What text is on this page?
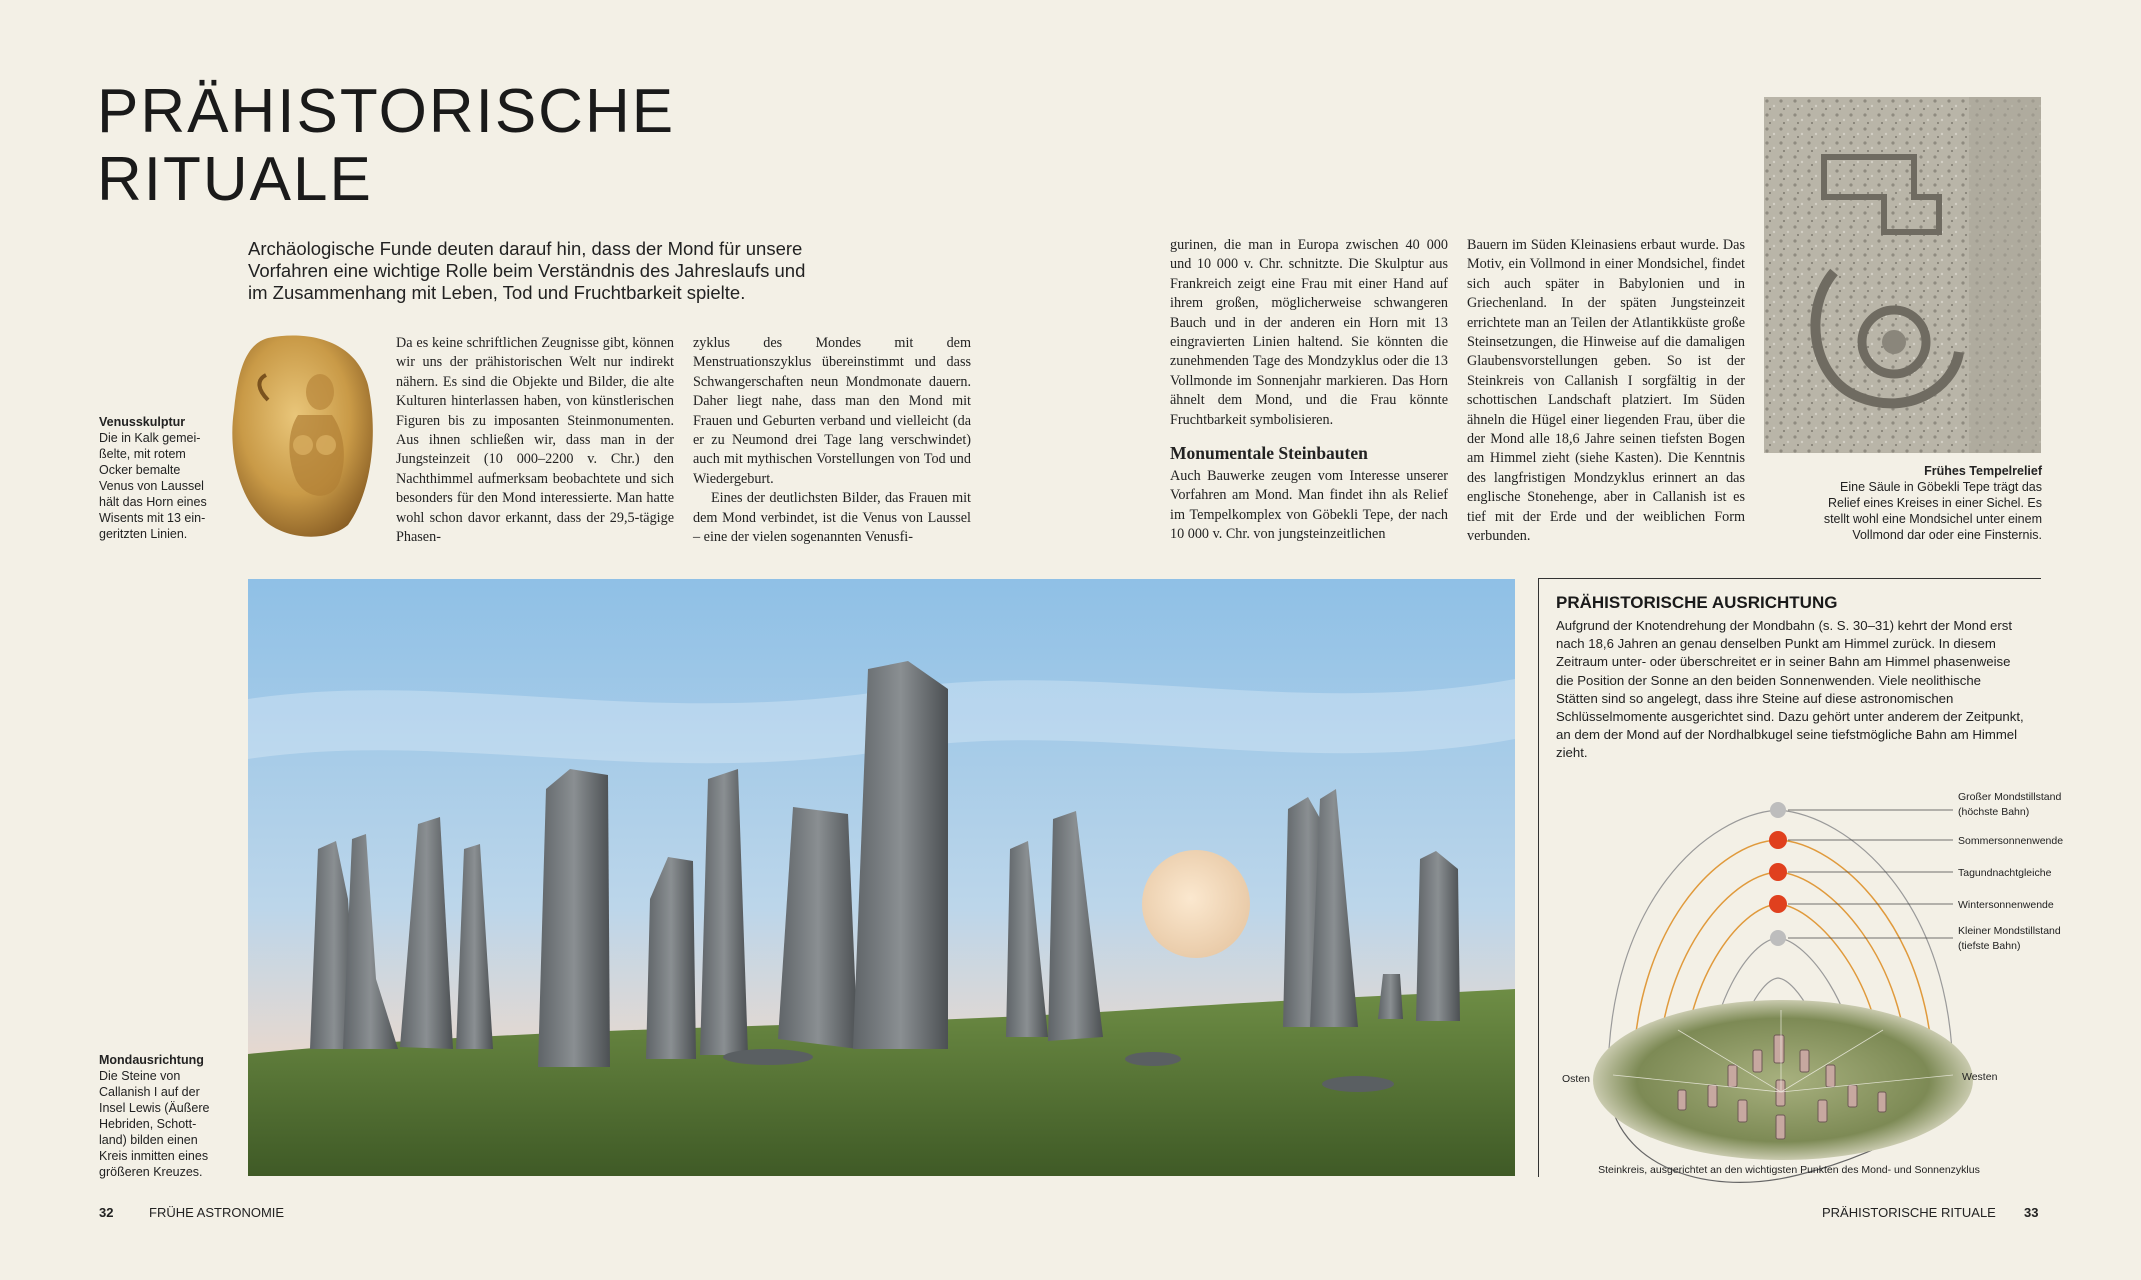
PRÄHISTORISCHE
RITUALE
Archäologische Funde deuten darauf hin, dass der Mond für unsere Vorfahren eine wichtige Rolle beim Verständnis des Jahreslaufs und im Zusammenhang mit Leben, Tod und Fruchtbarkeit spielte.
Venusskulptur
Die in Kalk gemei-
ßelte, mit rotem
Ocker bemalte
Venus von Laussel
hält das Horn eines
Wisents mit 13 ein-
geritzten Linien.

Da es keine schriftlichen Zeugnisse gibt, können wir uns der prähistorischen Welt nur indirekt nähern. Es sind die Objekte und Bilder, die alte Kulturen hinterlassen haben, von künstlerischen Figuren bis zu imposanten Steinmonumenten. Aus ihnen schließen wir, dass man in der Jungsteinzeit (10 000–2200 v. Chr.) den Nachthimmel aufmerksam beobachtete und sich besonders für den Mond interessierte. Man hatte wohl schon davor erkannt, dass der 29,5-tägige Phasen-

zyklus des Mondes mit dem Menstruationszyklus übereinstimmt und dass Schwangerschaften neun Mondmonate dauern. Daher liegt nahe, dass man den Mond mit Frauen und Geburten verband und vielleicht (da er zu Neumond drei Tage lang verschwindet) auch mit mythischen Vorstellungen von Tod und Wiedergeburt.

Eines der deutlichsten Bilder, das Frauen mit dem Mond verbindet, ist die Venus von Laussel – eine der vielen sogenannten Venusfi-

gurinen, die man in Europa zwischen 40 000 und 10 000 v. Chr. schnitzte. Die Skulptur aus Frankreich zeigt eine Frau mit einer Hand auf ihrem großen, möglicherweise schwangeren Bauch und in der anderen ein Horn mit 13 eingravierten Linien haltend. Sie könnten die zunehmenden Tage des Mondzyklus oder die 13 Vollmonde im Sonnenjahr markieren. Das Horn ähnelt dem Mond, und die Frau könnte Fruchtbarkeit symbolisieren.

Monumentale Steinbauten

Auch Bauwerke zeugen vom Interesse unserer Vorfahren am Mond. Man findet ihn als Relief im Tempelkomplex von Göbekli Tepe, der nach 10 000 v. Chr. von jungsteinzeitlichen

Bauern im Süden Kleinasiens erbaut wurde. Das Motiv, ein Vollmond in einer Mondsichel, findet sich auch später in Babylonien und in Griechenland. In der späten Jungsteinzeit errichtete man an Teilen der Atlantikküste große Steinsetzungen, die Hinweise auf die damaligen Glaubensvorstellungen geben. So ist der Steinkreis von Callanish I sorgfältig in der schottischen Landschaft platziert. Im Süden ähneln die Hügel einer liegenden Frau, über die der Mond alle 18,6 Jahre seinen tiefsten Bogen am Himmel zieht (siehe Kasten). Die Kenntnis des langfristigen Mondzyklus erinnert an das englische Stonehenge, aber in Callanish ist es tief mit der Erde und der weiblichen Form verbunden.

Frühes Tempelrelief
Eine Säule in Göbekli Tepe trägt das
Relief eines Kreises in einer Sichel. Es
stellt wohl eine Mondsichel unter einem
Vollmond dar oder eine Finsternis.
Mondausrichtung
Die Steine von
Callanish I auf der
Insel Lewis (Äußere
Hebriden, Schott-
land) bilden einen
Kreis inmitten eines
größeren Kreuzes.
PRÄHISTORISCHE AUSRICHTUNG
Aufgrund der Knotendrehung der Mondbahn (s. S. 30–31) kehrt der Mond erst nach 18,6 Jahren an genau denselben Punkt am Himmel zurück. In diesem Zeitraum unter- oder überschreitet er in seiner Bahn am Himmel phasenweise die Position der Sonne an den beiden Sonnenwenden. Viele neolithische Stätten sind so angelegt, dass ihre Steine auf diese astronomischen Schlüsselmomente ausgerichtet sind. Dazu gehört unter anderem der Zeitpunkt, an dem der Mond auf der Nordhalbkugel seine tiefstmögliche Bahn am Himmel zieht.
Großer Mondstillstand
(höchste Bahn)
Sommersonnenwende
Tagundnachtgleiche
Wintersonnenwende
Kleiner Mondstillstand
(tiefste Bahn)
Osten	Westen
Steinkreis, ausgerichtet an den wichtigsten Punkten des Mond- und Sonnenzyklus
32	FRÜHE ASTRONOMIE	PRÄHISTORISCHE RITUALE 33
